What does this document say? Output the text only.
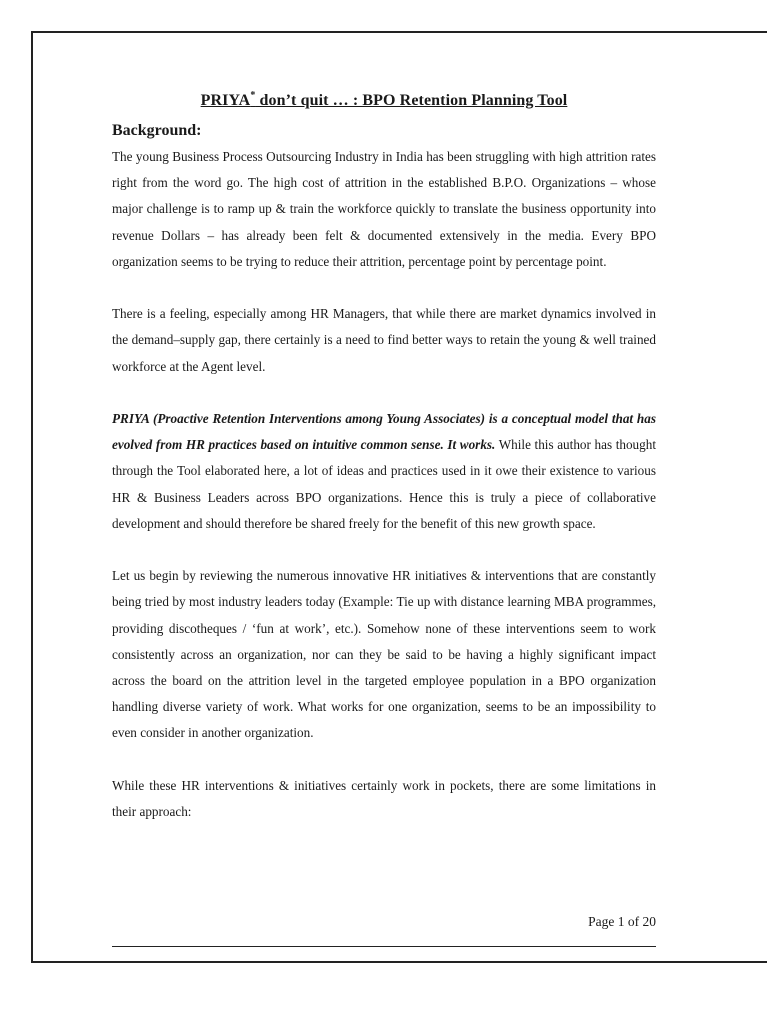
PRIYA* don’t quit … : BPO Retention Planning Tool
Background:

The young Business Process Outsourcing Industry in India has been struggling with high attrition rates right from the word go. The high cost of attrition in the established B.P.O. Organizations – whose major challenge is to ramp up & train the workforce quickly to translate the business opportunity into revenue Dollars – has already been felt & documented extensively in the media. Every BPO organization seems to be trying to reduce their attrition, percentage point by percentage point.

There is a feeling, especially among HR Managers, that while there are market dynamics involved in the demand–supply gap, there certainly is a need to find better ways to retain the young & well trained workforce at the Agent level.

PRIYA (Proactive Retention Interventions among Young Associates) is a conceptual model that has evolved from HR practices based on intuitive common sense. It works. While this author has thought through the Tool elaborated here, a lot of ideas and practices used in it owe their existence to various HR & Business Leaders across BPO organizations. Hence this is truly a piece of collaborative development and should therefore be shared freely for the benefit of this new growth space.

Let us begin by reviewing the numerous innovative HR initiatives & interventions that are constantly being tried by most industry leaders today (Example: Tie up with distance learning MBA programmes, providing discotheques / ‘fun at work’, etc.). Somehow none of these interventions seem to work consistently across an organization, nor can they be said to be having a highly significant impact across the board on the attrition level in the targeted employee population in a BPO organization handling diverse variety of work. What works for one organization, seems to be an impossibility to even consider in another organization.

While these HR interventions & initiatives certainly work in pockets, there are some limitations in their approach:

Page 1 of 20
